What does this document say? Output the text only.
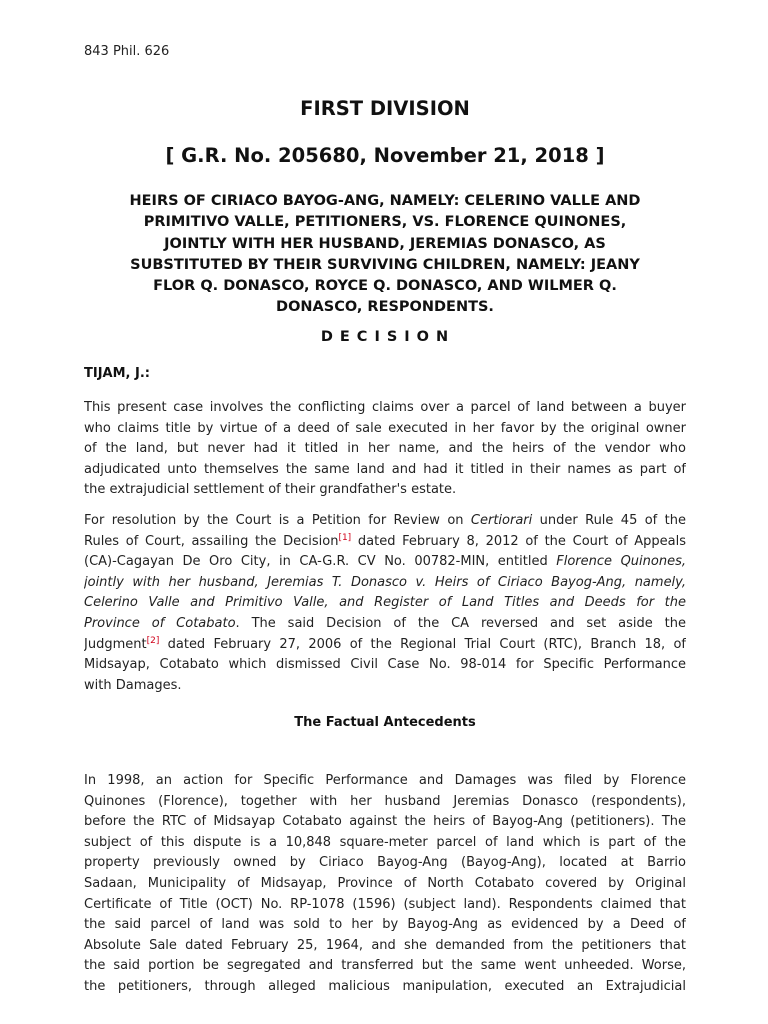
843 Phil. 626
FIRST DIVISION
[ G.R. No. 205680, November 21, 2018 ]
HEIRS OF CIRIACO BAYOG-ANG, NAMELY: CELERINO VALLE AND
PRIMITIVO VALLE, PETITIONERS, VS. FLORENCE QUINONES,
JOINTLY WITH HER HUSBAND, JEREMIAS DONASCO, AS
SUBSTITUTED BY THEIR SURVIVING CHILDREN, NAMELY: JEANY
FLOR Q. DONASCO, ROYCE Q. DONASCO, AND WILMER Q.
DONASCO, RESPONDENTS.
DECISION
TIJAM, J.:
This present case involves the conflicting claims over a parcel of land between a buyer
who claims title by virtue of a deed of sale executed in her favor by the original owner
of the land, but never had it titled in her name, and the heirs of the vendor who
adjudicated unto themselves the same land and had it titled in their names as part of
the extrajudicial settlement of their grandfather's estate.
For resolution by the Court is a Petition for Review on Certiorari under Rule 45 of the
Rules of Court, assailing the Decision[1] dated February 8, 2012 of the Court of Appeals
(CA)-Cagayan De Oro City, in CA-G.R. CV No. 00782-MIN, entitled Florence Quinones,
jointly with her husband, Jeremias T. Donasco v. Heirs of Ciriaco Bayog-Ang, namely,
Celerino Valle and Primitivo Valle, and Register of Land Titles and Deeds for the
Province of Cotabato. The said Decision of the CA reversed and set aside the
Judgment[2] dated February 27, 2006 of the Regional Trial Court (RTC), Branch 18, of
Midsayap, Cotabato which dismissed Civil Case No. 98-014 for Specific Performance
with Damages.
The Factual Antecedents
In 1998, an action for Specific Performance and Damages was filed by Florence
Quinones (Florence), together with her husband Jeremias Donasco (respondents),
before the RTC of Midsayap Cotabato against the heirs of Bayog-Ang (petitioners). The
subject of this dispute is a 10,848 square-meter parcel of land which is part of the
property previously owned by Ciriaco Bayog-Ang (Bayog-Ang), located at Barrio
Sadaan, Municipality of Midsayap, Province of North Cotabato covered by Original
Certificate of Title (OCT) No. RP-1078 (1596) (subject land). Respondents claimed that
the said parcel of land was sold to her by Bayog-Ang as evidenced by a Deed of
Absolute Sale dated February 25, 1964, and she demanded from the petitioners that
the said portion be segregated and transferred but the same went unheeded. Worse,
the petitioners, through alleged malicious manipulation, executed an Extrajudicial
